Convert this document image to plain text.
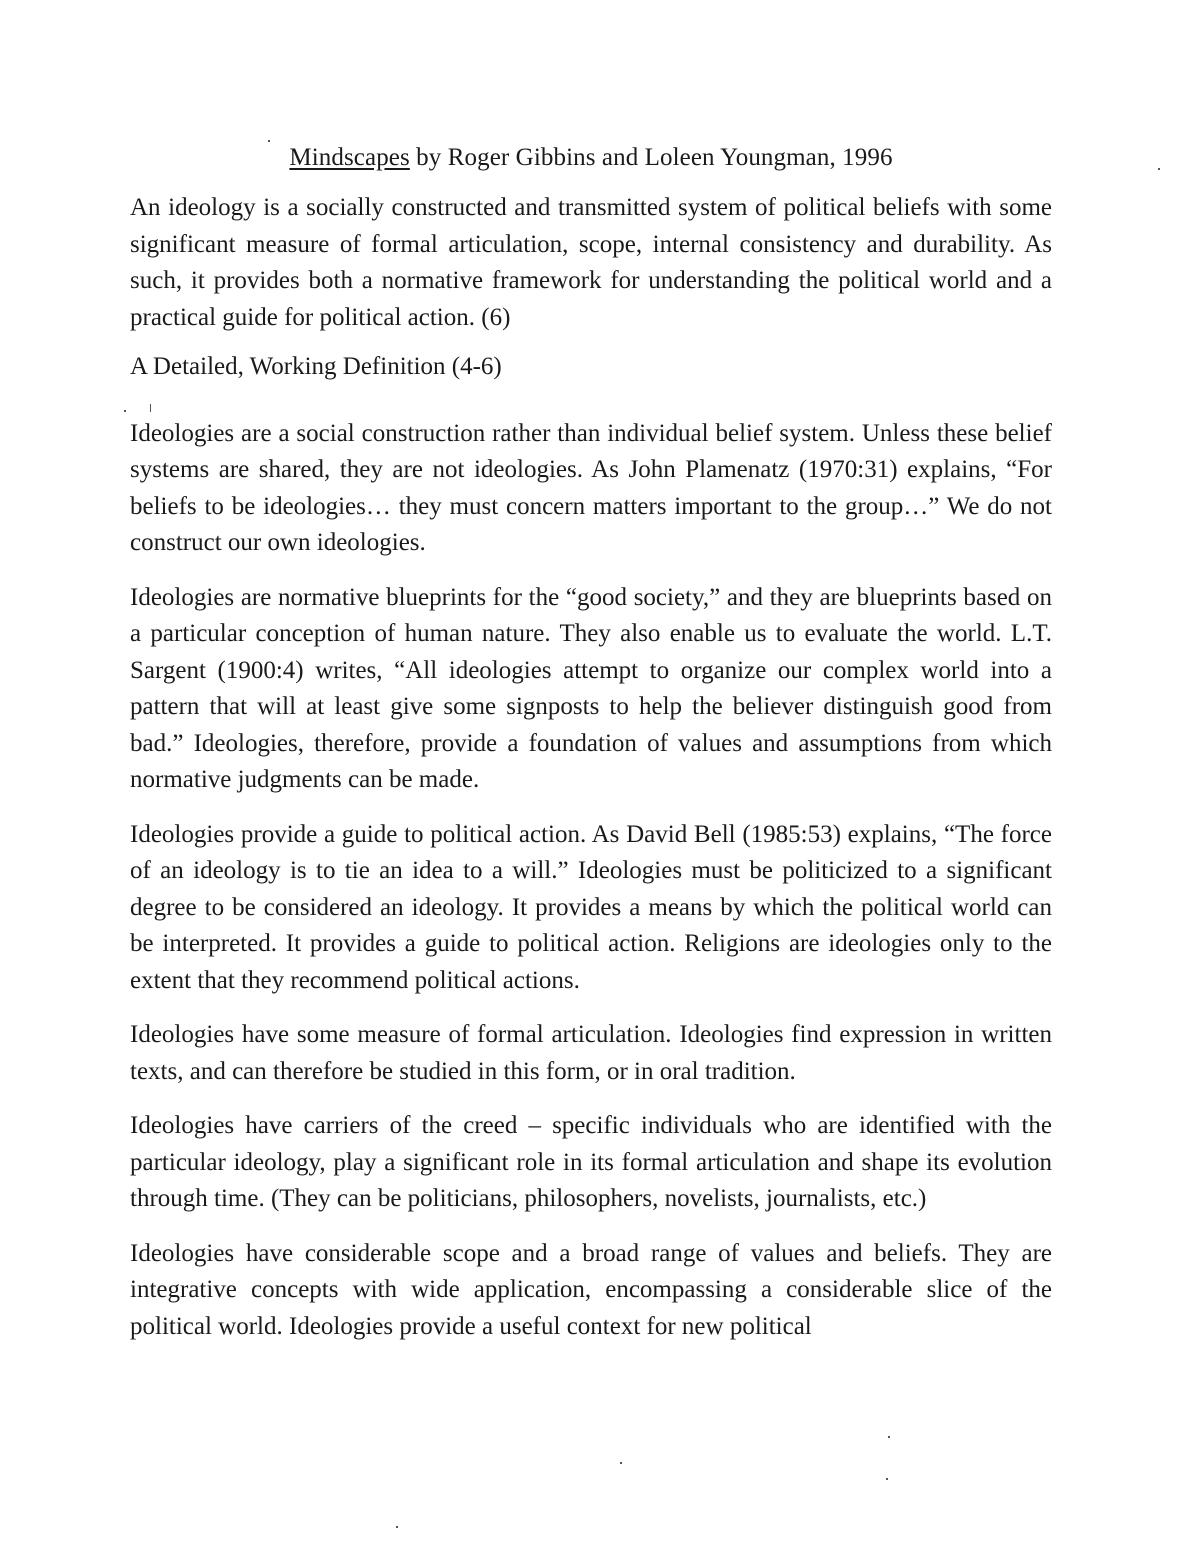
Mindscapes by Roger Gibbins and Loleen Youngman, 1996

An ideology is a socially constructed and transmitted system of political beliefs with some significant measure of formal articulation, scope, internal consistency and durability. As such, it provides both a normative framework for understanding the political world and a practical guide for political action. (6)

A Detailed, Working Definition (4-6)

Ideologies are a social construction rather than individual belief system. Unless these belief systems are shared, they are not ideologies. As John Plamenatz (1970:31) explains, “For beliefs to be ideologies… they must concern matters important to the group…” We do not construct our own ideologies.

Ideologies are normative blueprints for the “good society,” and they are blueprints based on a particular conception of human nature. They also enable us to evaluate the world. L.T. Sargent (1900:4) writes, “All ideologies attempt to organize our complex world into a pattern that will at least give some signposts to help the believer distinguish good from bad.” Ideologies, therefore, provide a foundation of values and assumptions from which normative judgments can be made.

Ideologies provide a guide to political action. As David Bell (1985:53) explains, “The force of an ideology is to tie an idea to a will.” Ideologies must be politicized to a significant degree to be considered an ideology. It provides a means by which the political world can be interpreted. It provides a guide to political action. Religions are ideologies only to the extent that they recommend political actions.

Ideologies have some measure of formal articulation. Ideologies find expression in written texts, and can therefore be studied in this form, or in oral tradition.

Ideologies have carriers of the creed – specific individuals who are identified with the particular ideology, play a significant role in its formal articulation and shape its evolution through time. (They can be politicians, philosophers, novelists, journalists, etc.)

Ideologies have considerable scope and a broad range of values and beliefs. They are integrative concepts with wide application, encompassing a considerable slice of the political world. Ideologies provide a useful context for new political
